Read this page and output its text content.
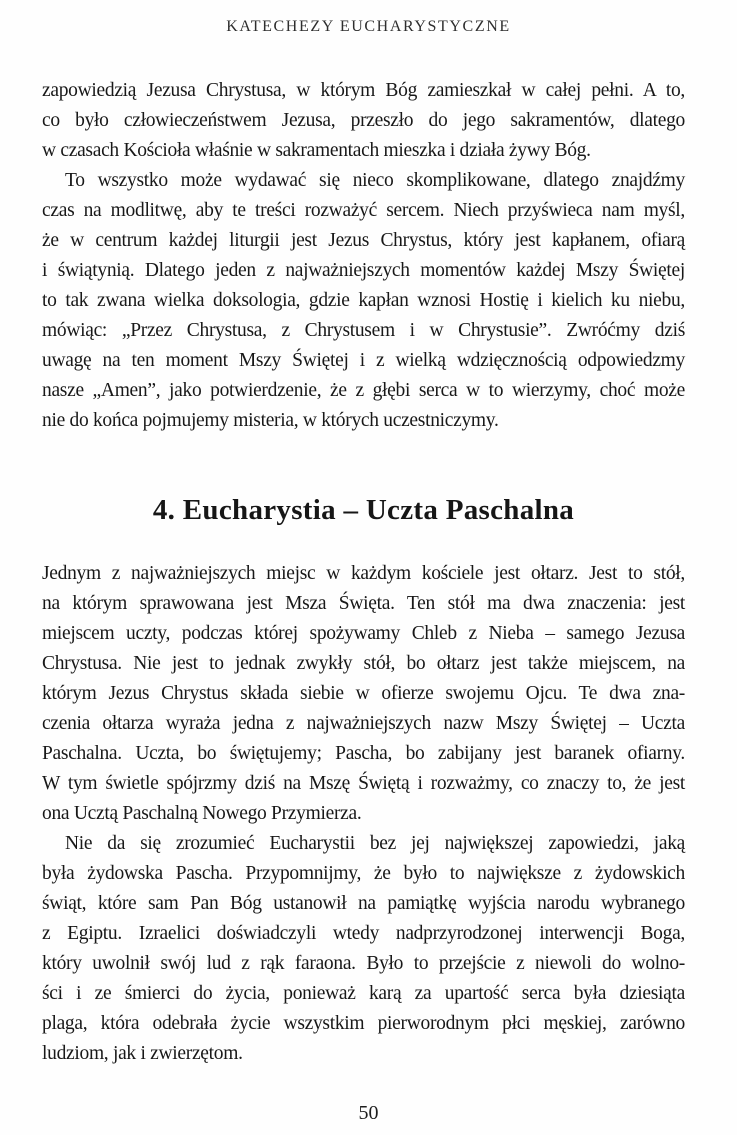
KATECHEZY EUCHARYSTYCZNE
zapowiedzią Jezusa Chrystusa, w którym Bóg zamieszkał w całej pełni. A to,
co było człowieczeństwem Jezusa, przeszło do jego sakramentów, dlatego
w czasach Kościoła właśnie w sakramentach mieszka i działa żywy Bóg.
To wszystko może wydawać się nieco skomplikowane, dlatego znajdźmy
czas na modlitwę, aby te treści rozważyć sercem. Niech przyświeca nam myśl,
że w centrum każdej liturgii jest Jezus Chrystus, który jest kapłanem, ofiarą
i świątynią. Dlatego jeden z najważniejszych momentów każdej Mszy Świętej
to tak zwana wielka doksologia, gdzie kapłan wznosi Hostię i kielich ku niebu,
mówiąc: „Przez Chrystusa, z Chrystusem i w Chrystusie”. Zwróćmy dziś
uwagę na ten moment Mszy Świętej i z wielką wdzięcznością odpowiedzmy
nasze „Amen”, jako potwierdzenie, że z głębi serca w to wierzymy, choć może
nie do końca pojmujemy misteria, w których uczestniczymy.
4. Eucharystia – Uczta Paschalna
Jednym z najważniejszych miejsc w każdym kościele jest ołtarz. Jest to stół,
na którym sprawowana jest Msza Święta. Ten stół ma dwa znaczenia: jest
miejscem uczty, podczas której spożywamy Chleb z Nieba – samego Jezusa
Chrystusa. Nie jest to jednak zwykły stół, bo ołtarz jest także miejscem, na
którym Jezus Chrystus składa siebie w ofierze swojemu Ojcu. Te dwa zna-
czenia ołtarza wyraża jedna z najważniejszych nazw Mszy Świętej – Uczta
Paschalna. Uczta, bo świętujemy; Pascha, bo zabijany jest baranek ofiarny.
W tym świetle spójrzmy dziś na Mszę Świętą i rozważmy, co znaczy to, że jest
ona Ucztą Paschalną Nowego Przymierza.
Nie da się zrozumieć Eucharystii bez jej największej zapowiedzi, jaką
była żydowska Pascha. Przypomnijmy, że było to największe z żydowskich
świąt, które sam Pan Bóg ustanowił na pamiątkę wyjścia narodu wybranego
z Egiptu. Izraelici doświadczyli wtedy nadprzyrodzonej interwencji Boga,
który uwolnił swój lud z rąk faraona. Było to przejście z niewoli do wolno-
ści i ze śmierci do życia, ponieważ karą za upartość serca była dziesiąta
plaga, która odebrała życie wszystkim pierworodnym płci męskiej, zarówno
ludziom, jak i zwierzętom.
50
